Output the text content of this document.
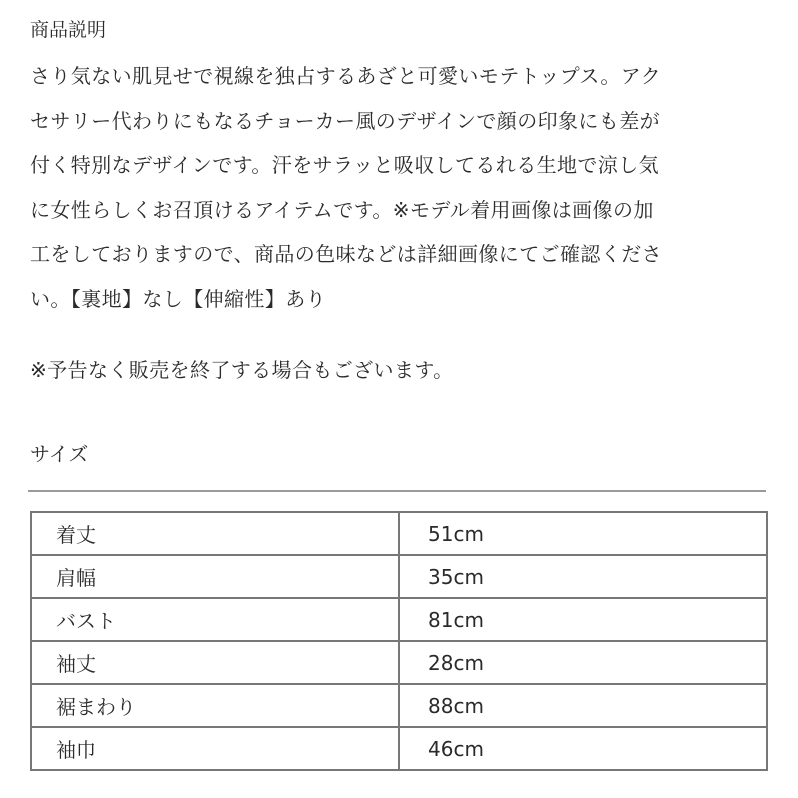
商品説明

さり気ない肌見せで視線を独占するあざと可愛いモテトップス。アク
セサリー代わりにもなるチョーカー風のデザインで顔の印象にも差が
付く特別なデザインです。汗をサラッと吸収してるれる生地で涼し気
に女性らしくお召頂けるアイテムです。※モデル着用画像は画像の加
工をしておりますので、商品の色味などは詳細画像にてご確認くださ
い。【裏地】なし【伸縮性】あり

※予告なく販売を終了する場合もございます。

サイズ
着丈	51cm
肩幅	35cm
バスト	81cm
袖丈	28cm
裾まわり	88cm
袖巾	46cm
